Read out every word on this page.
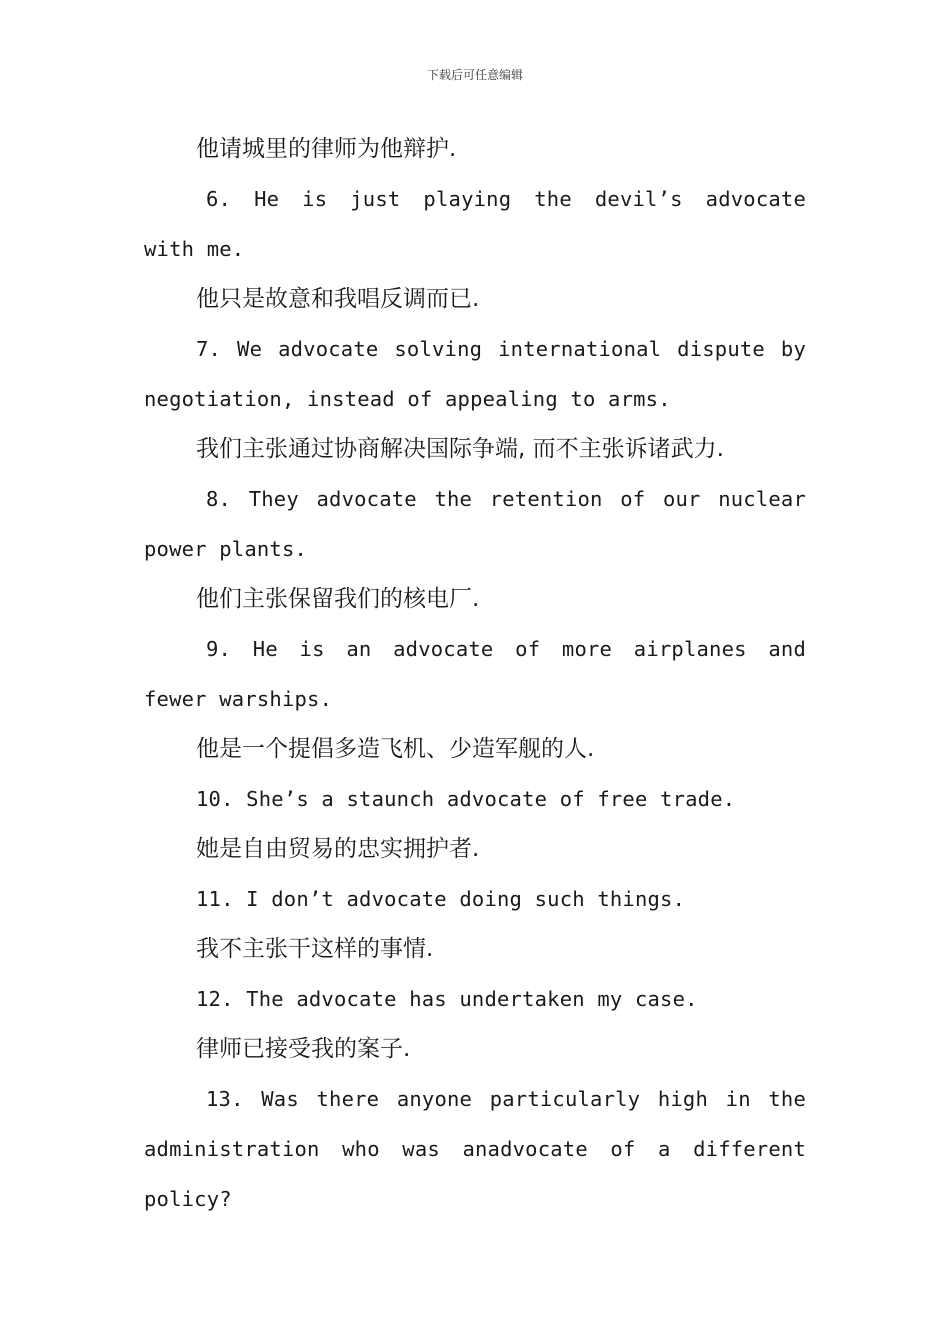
下载后可任意编辑
他请城里的律师为他辩护.
6. He is just playing the devil’s advocate
with me.
他只是故意和我唱反调而已.
7. We advocate solving international dispute by
negotiation, instead of appealing to arms.
我们主张通过协商解决国际争端, 而不主张诉诸武力.
8. They advocate the retention of our nuclear
power plants.
他们主张保留我们的核电厂.
9. He is an advocate of more airplanes and
fewer warships.
他是一个提倡多造飞机、少造军舰的人.
10. She’s a staunch advocate of free trade.
她是自由贸易的忠实拥护者.
11. I don’t advocate doing such things.
我不主张干这样的事情.
12. The advocate has undertaken my case.
律师已接受我的案子.
13. Was there anyone particularly high in the
administration who was anadvocate of a different
policy?
